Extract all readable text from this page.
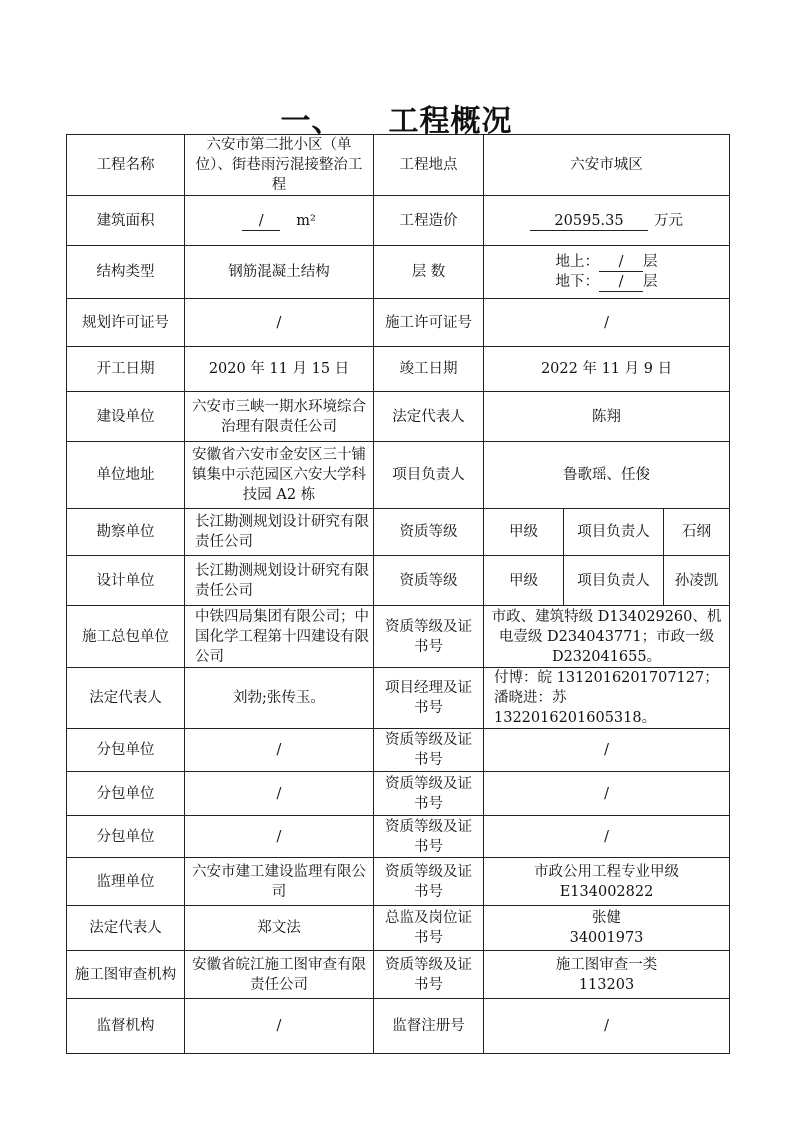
一、 工程概况
工程名称	六安市第二批小区（单位）、街巷雨污混接整治工程	工程地点	六安市城区		
建筑面积	/ m²	工程造价	20595.35 万元		
结构类型	钢筋混凝土结构	层 数	地上： / 层
地下： / 层		

规划许可证号	/	施工许可证号	/		
开工日期	2020 年 11 月 15 日	竣工日期	2022 年 11 月 9 日		
建设单位	六安市三峡一期水环境综合治理有限责任公司	法定代表人	陈翔		
单位地址	安徽省六安市金安区三十铺镇集中示范园区六安大学科技园 A2 栋	项目负责人	鲁歌瑶、任俊		
勘察单位	长江勘测规划设计研究有限责任公司	资质等级	甲级	项目负责人	石纲
设计单位	长江勘测规划设计研究有限责任公司	资质等级	甲级	项目负责人	孙凌凯
施工总包单位	中铁四局集团有限公司；中国化学工程第十四建设有限公司	资质等级及证书号	市政、建筑特级 D134029260、机电壹级 D234043771；市政一级 D232041655。		
法定代表人	刘勃;张传玉。	项目经理及证书号	付博：皖 1312016201707127；
潘晓进：苏 1322016201605318。		

分包单位	/	资质等级及证书号	/		
分包单位	/	资质等级及证书号	/		
分包单位	/	资质等级及证书号	/		
监理单位	六安市建工建设监理有限公司	资质等级及证书号	市政公用工程专业甲级
E134002822		

法定代表人	郑文法	总监及岗位证书号	张健
34001973		

施工图审查机构	安徽省皖江施工图审查有限责任公司	资质等级及证书号	施工图审查一类
113203		

监督机构	/	监督注册号	/		
